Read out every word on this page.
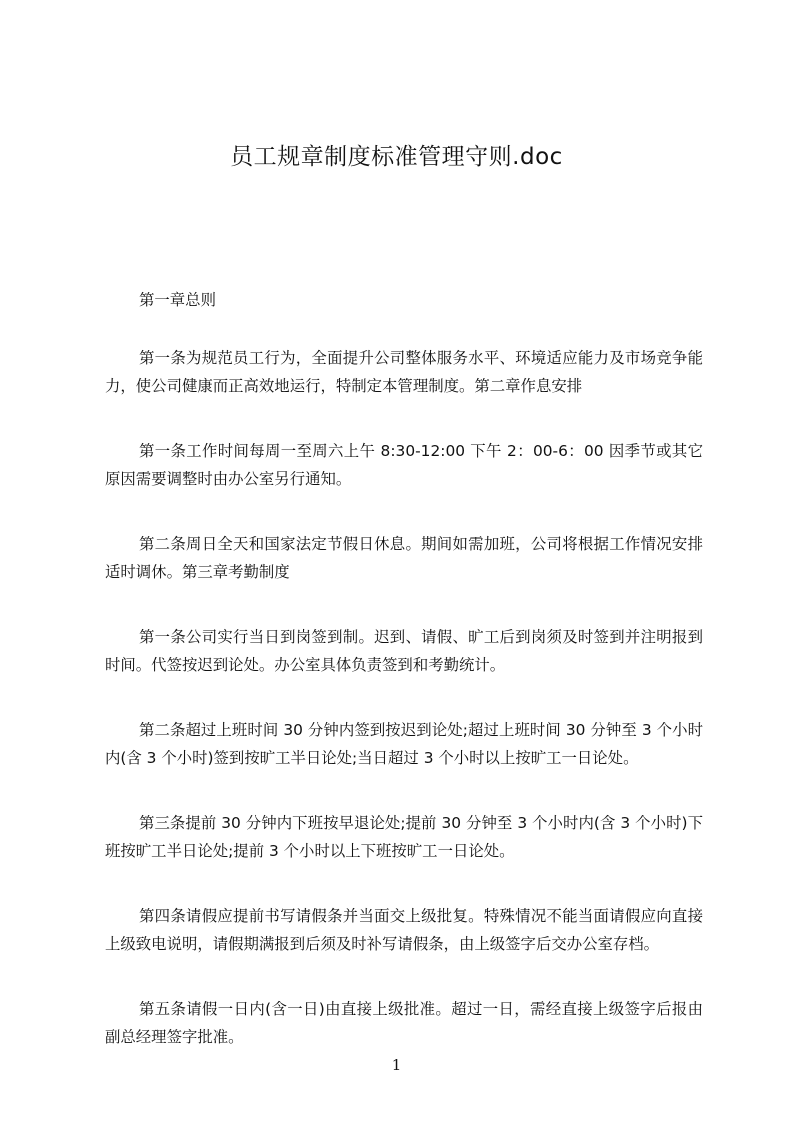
员工规章制度标准管理守则.doc

第一章总则

第一条为规范员工行为，全面提升公司整体服务水平、环境适应能力及市场竞争能力，使公司健康而正高效地运行，特制定本管理制度。第二章作息安排

第一条工作时间每周一至周六上午 8:30-12:00 下午 2：00-6：00 因季节或其它原因需要调整时由办公室另行通知。

第二条周日全天和国家法定节假日休息。期间如需加班，公司将根据工作情况安排适时调休。第三章考勤制度

第一条公司实行当日到岗签到制。迟到、请假、旷工后到岗须及时签到并注明报到时间。代签按迟到论处。办公室具体负责签到和考勤统计。

第二条超过上班时间 30 分钟内签到按迟到论处;超过上班时间 30 分钟至 3 个小时内(含 3 个小时)签到按旷工半日论处;当日超过 3 个小时以上按旷工一日论处。

第三条提前 30 分钟内下班按早退论处;提前 30 分钟至 3 个小时内(含 3 个小时)下班按旷工半日论处;提前 3 个小时以上下班按旷工一日论处。

第四条请假应提前书写请假条并当面交上级批复。特殊情况不能当面请假应向直接上级致电说明，请假期满报到后须及时补写请假条，由上级签字后交办公室存档。

第五条请假一日内(含一日)由直接上级批准。超过一日，需经直接上级签字后报由副总经理签字批准。

1
